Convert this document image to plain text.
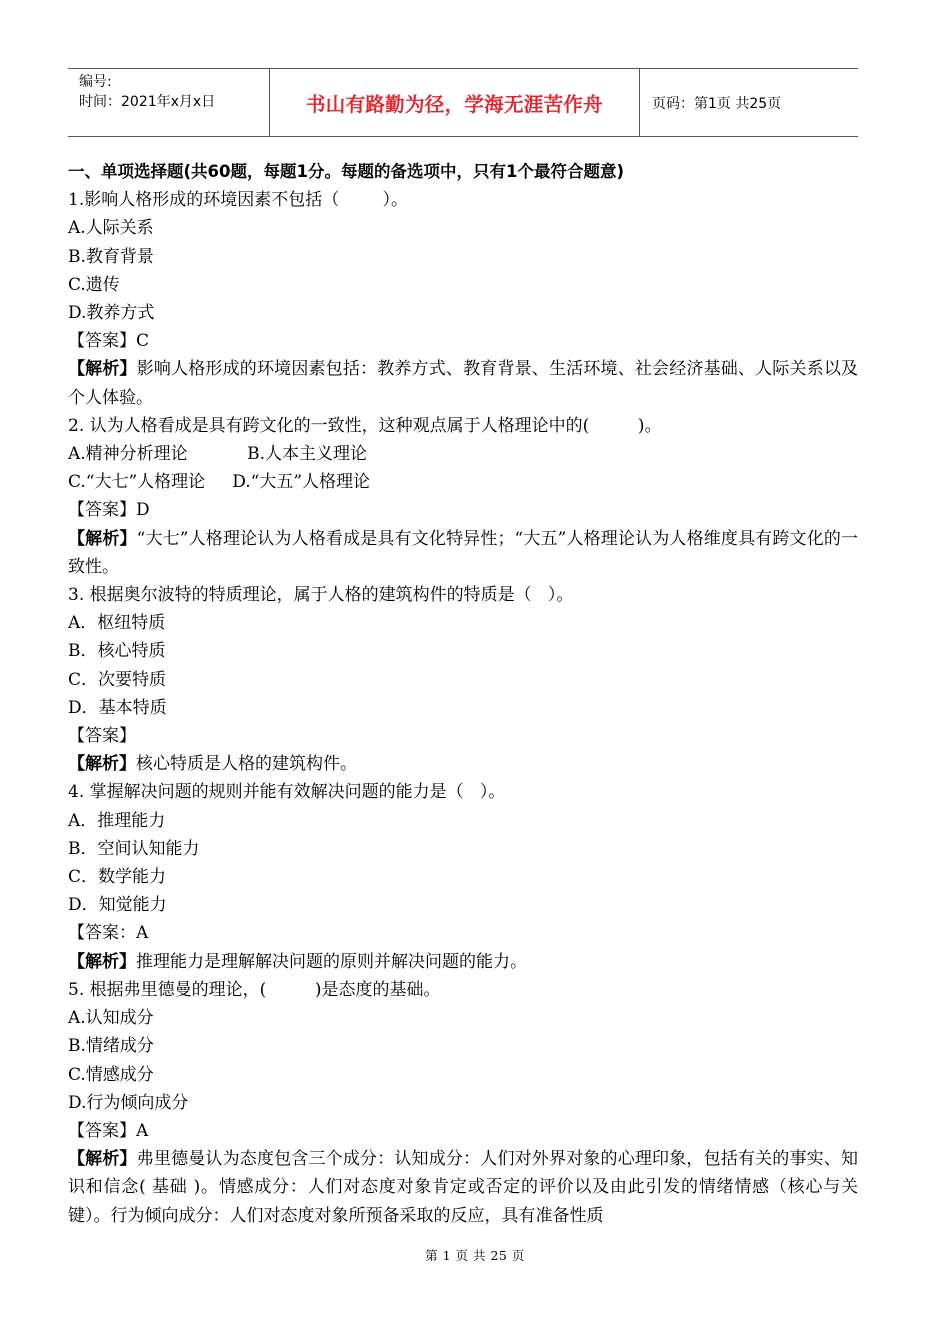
编号:
时间：2021年x月x日	书山有路勤为径，学海无涯苦作舟	页码：第1页 共25页
一、单项选择题(共60题，每题1分。每题的备选项中，只有1个最符合题意)
1.影响人格形成的环境因素不包括（        ）。
A.人际关系
B.教育背景
C.遗传
D.教养方式
【答案】C
【解析】影响人格形成的环境因素包括：教养方式、教育背景、生活环境、社会经济基础、人际关系以及个人体验。
2. 认为人格看成是具有跨文化的一致性，这种观点属于人格理论中的(         )。
A.精神分析理论           B.人本主义理论
C.“大七”人格理论     D.“大五”人格理论
【答案】D
【解析】“大七”人格理论认为人格看成是具有文化特异性；“大五”人格理论认为人格维度具有跨文化的一致性。
3. 根据奥尔波特的特质理论，属于人格的建筑构件的特质是（   ）。
A．枢纽特质
B．核心特质
C．次要特质
D．基本特质
【答案】
【解析】核心特质是人格的建筑构件。
4. 掌握解决问题的规则并能有效解决问题的能力是（   ）。
A．推理能力
B．空间认知能力
C．数学能力
D．知觉能力
【答案：A
【解析】推理能力是理解解决问题的原则并解决问题的能力。
5. 根据弗里德曼的理论，(         )是态度的基础。
A.认知成分
B.情绪成分
C.情感成分
D.行为倾向成分
【答案】A
【解析】弗里德曼认为态度包含三个成分：认知成分：人们对外界对象的心理印象，包括有关的事实、知识和信念( 基础 )。情感成分：人们对态度对象肯定或否定的评价以及由此引发的情绪情感（核心与关键）。行为倾向成分：人们对态度对象所预备采取的反应，具有准备性质
第 1 页 共 25 页
